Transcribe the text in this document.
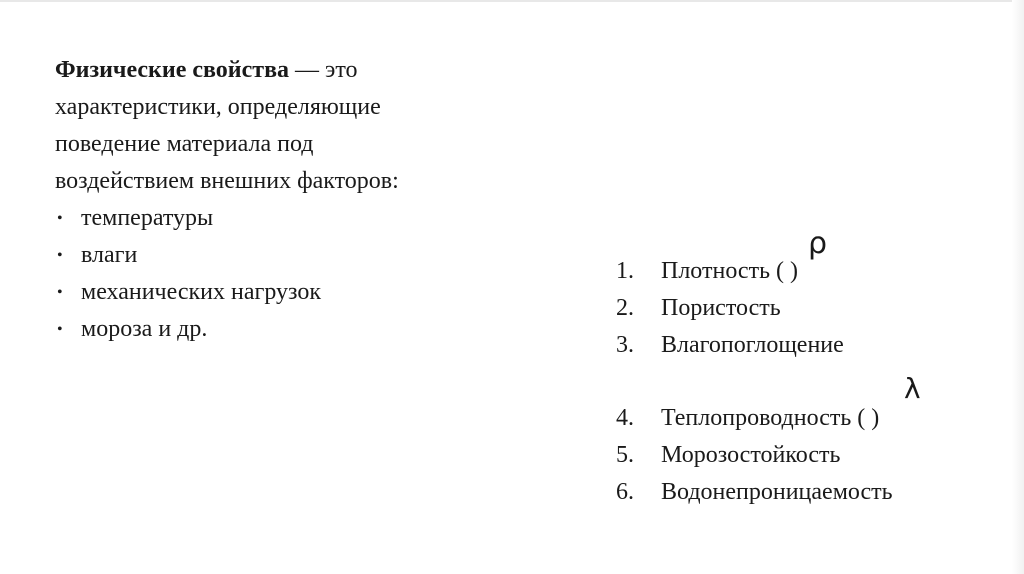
Физические свойства — это
характеристики, определяющие
поведение материала под
воздействием внешних факторов:

• температуры
• влаги
• механических нагрузок
• мороза и др.
1. Плотность ( )
2. Пористость
3. Влагопоглощение
4. Теплопроводность ( )
5. Морозостойкость
6. Водонепроницаемость
ρ
λ
